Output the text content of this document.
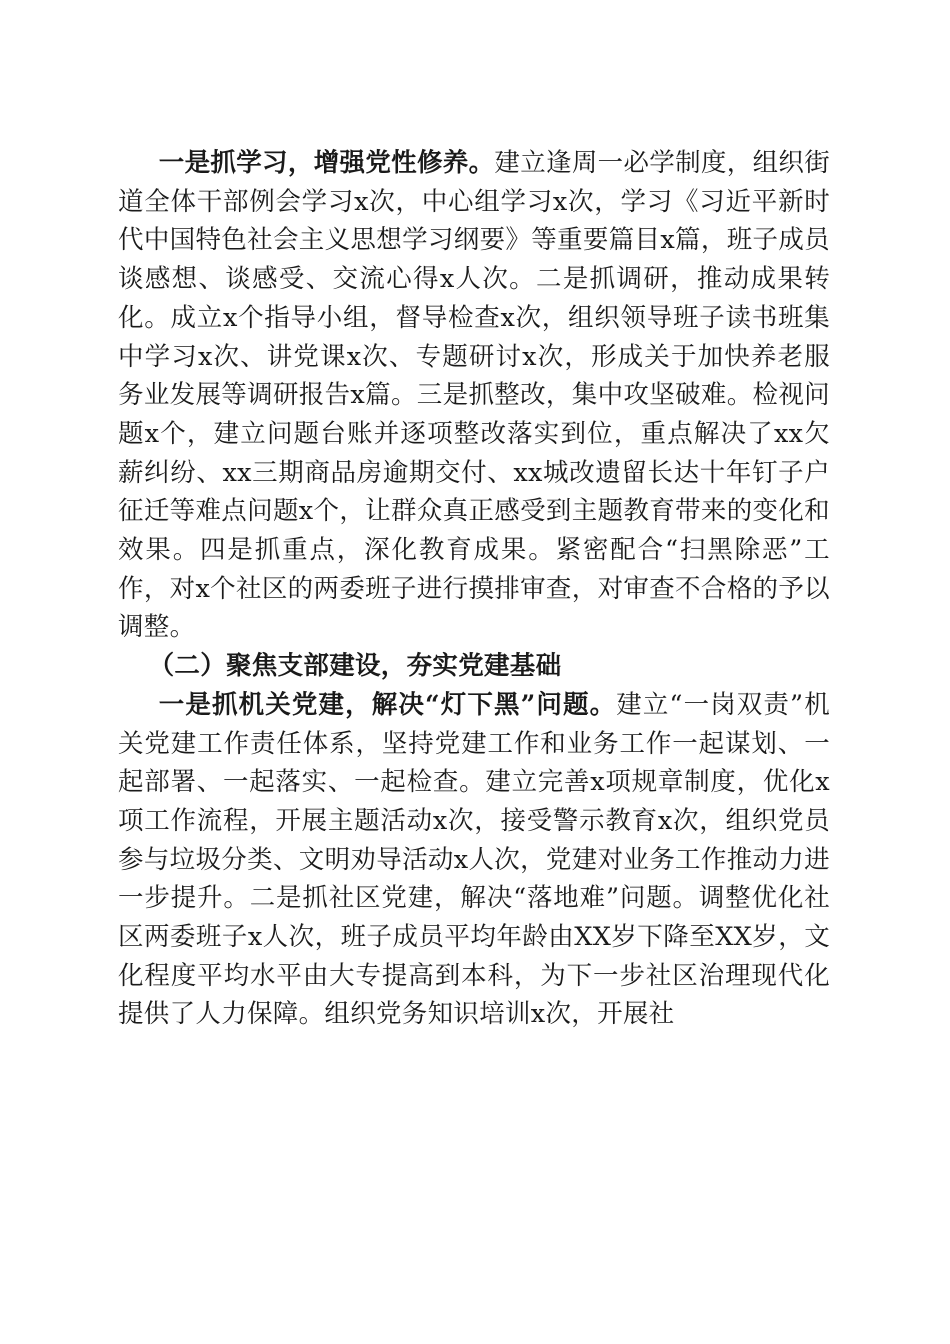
一是抓学习，增强党性修养。建立逢周一必学制度，组织街道全体干部例会学习x次，中心组学习x次，学习《习近平新时代中国特色社会主义思想学习纲要》等重要篇目x篇，班子成员谈感想、谈感受、交流心得x人次。二是抓调研，推动成果转化。成立x个指导小组，督导检查x次，组织领导班子读书班集中学习x次、讲党课x次、专题研讨x次，形成关于加快养老服务业发展等调研报告x篇。三是抓整改，集中攻坚破难。检视问题x个，建立问题台账并逐项整改落实到位，重点解决了xx欠薪纠纷、xx三期商品房逾期交付、xx城改遗留长达十年钉子户征迁等难点问题x个，让群众真正感受到主题教育带来的变化和效果。四是抓重点，深化教育成果。紧密配合“扫黑除恶”工作，对x个社区的两委班子进行摸排审查，对审查不合格的予以调整。

（二）聚焦支部建设，夯实党建基础

一是抓机关党建，解决“灯下黑”问题。建立“一岗双责”机关党建工作责任体系，坚持党建工作和业务工作一起谋划、一起部署、一起落实、一起检查。建立完善x项规章制度，优化x项工作流程，开展主题活动x次，接受警示教育x次，组织党员参与垃圾分类、文明劝导活动x人次，党建对业务工作推动力进一步提升。二是抓社区党建，解决“落地难”问题。调整优化社区两委班子x人次，班子成员平均年龄由XX岁下降至XX岁，文化程度平均水平由大专提高到本科，为下一步社区治理现代化提供了人力保障。组织党务知识培训x次，开展社
